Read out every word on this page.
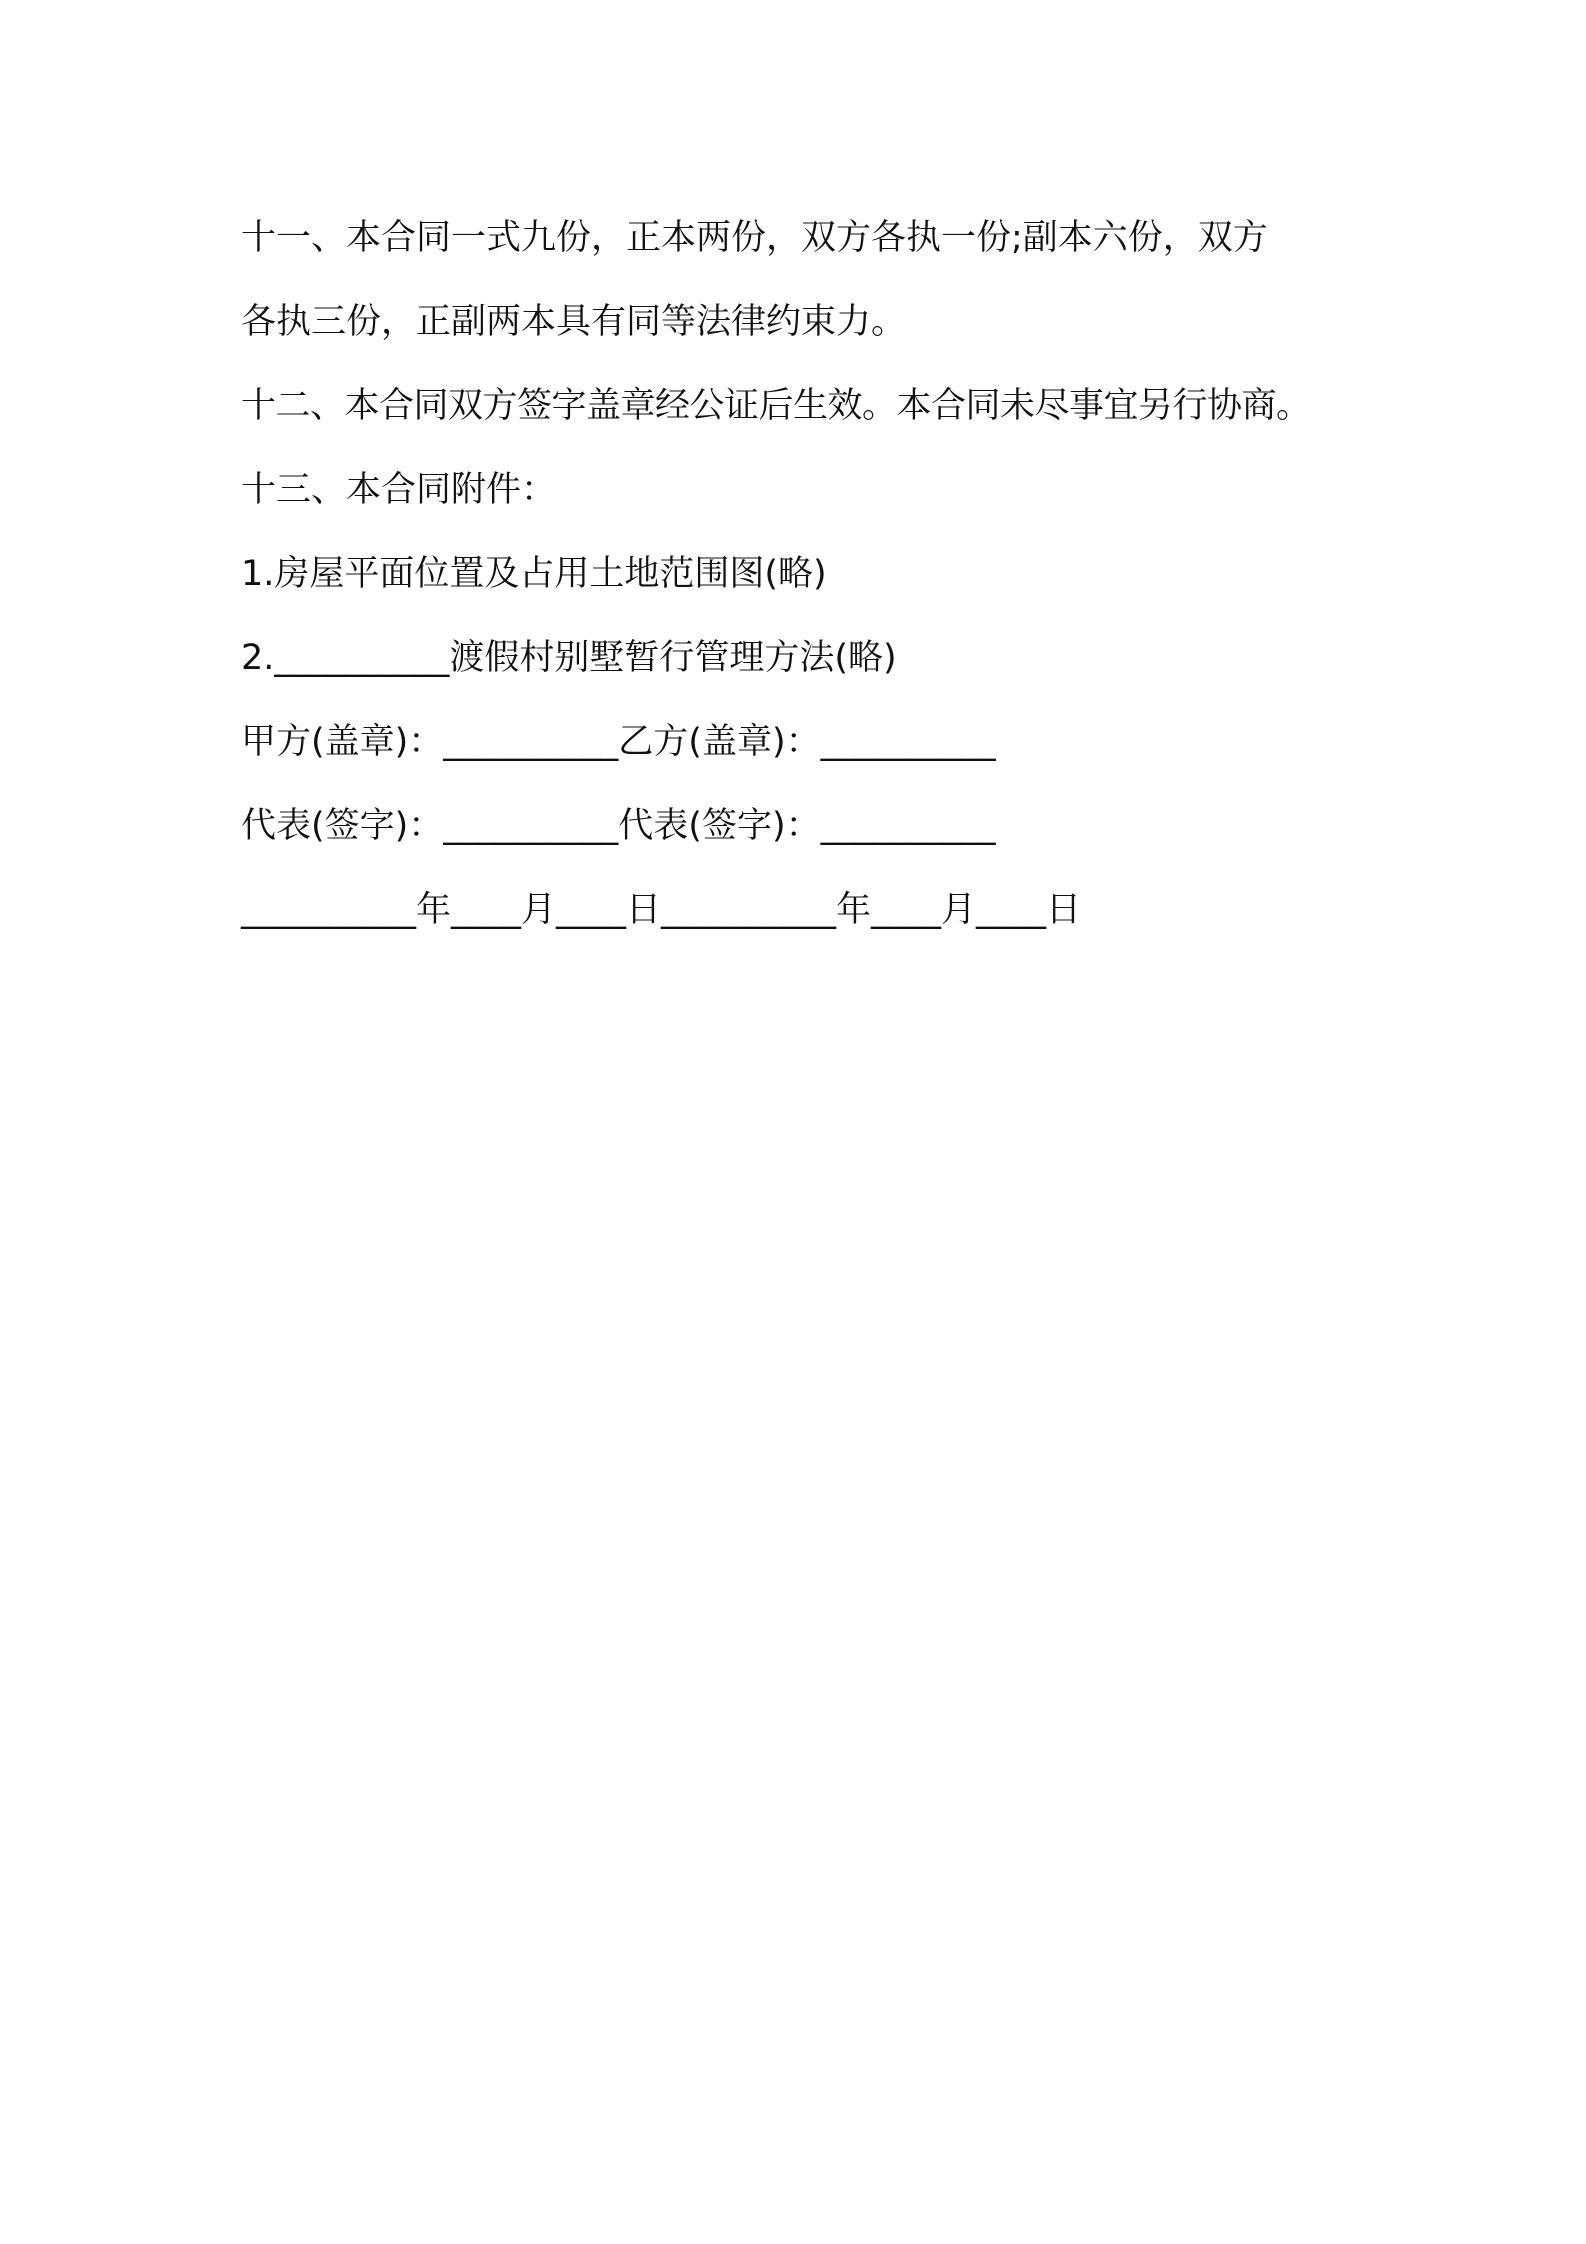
十一、本合同一式九份，正本两份，双方各执一份;副本六份，双方
各执三份，正副两本具有同等法律约束力。
十二、本合同双方签字盖章经公证后生效。本合同未尽事宜另行协商。
十三、本合同附件：
1.房屋平面位置及占用土地范围图(略)
2.__________渡假村别墅暂行管理方法(略)
甲方(盖章)：__________乙方(盖章)：__________
代表(签字)：__________代表(签字)：__________
__________年____月____日__________年____月____日
